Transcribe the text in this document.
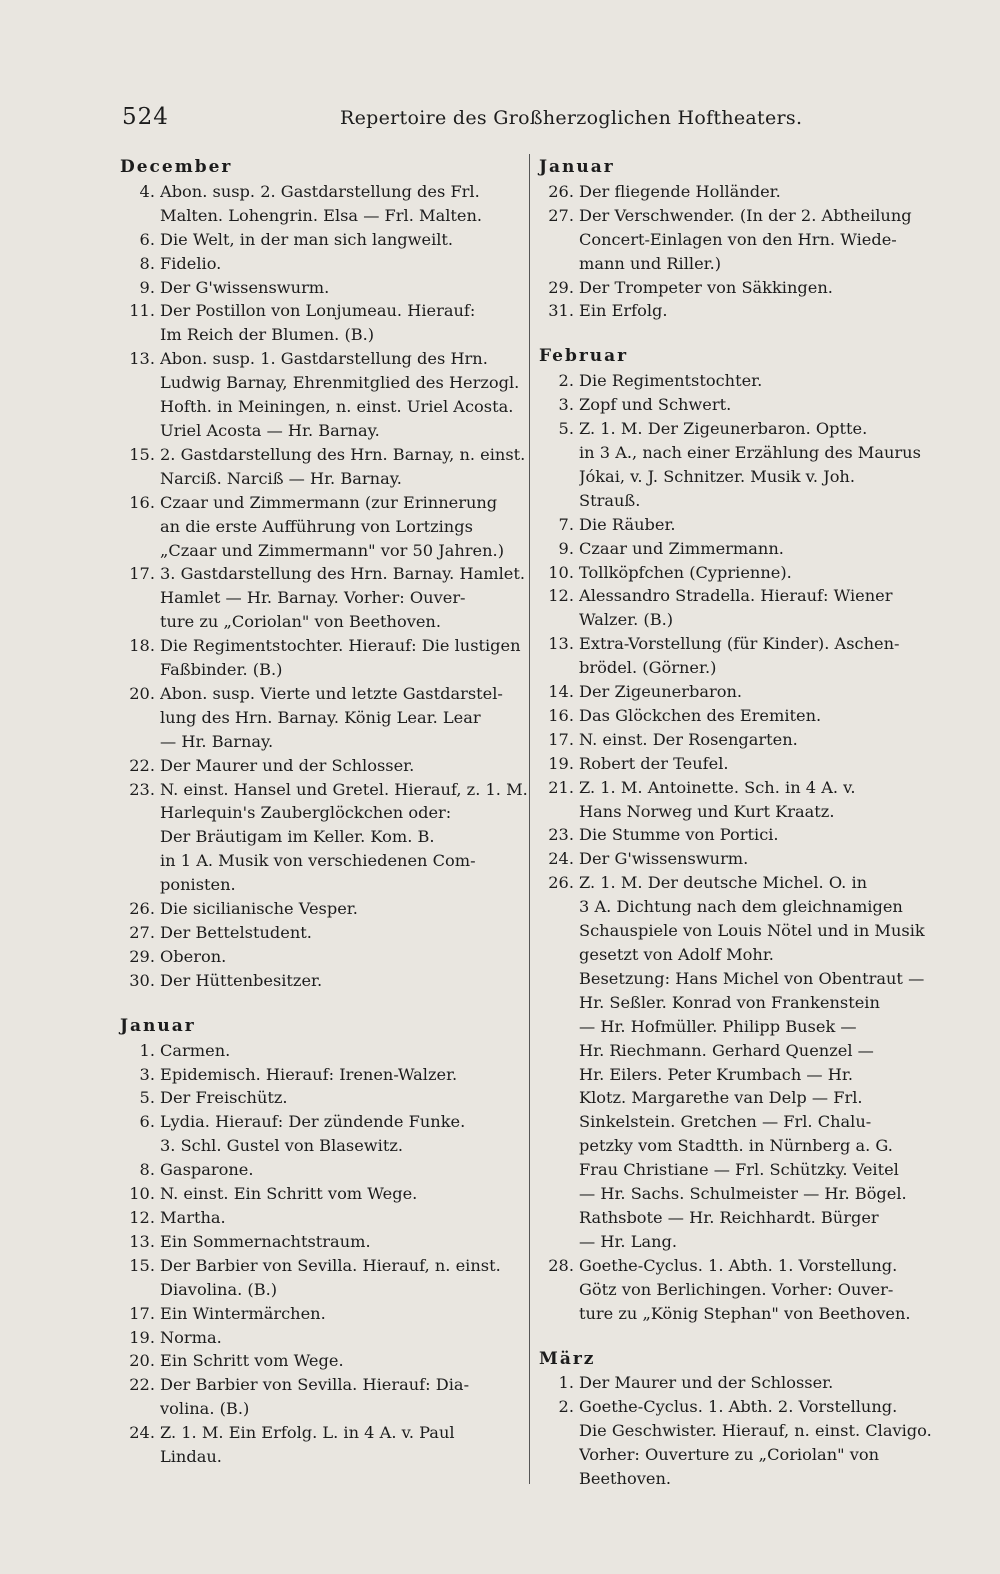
524	Repertoire des Großherzoglichen Hoftheaters.
December
4. Abon. susp. 2. Gastdarstellung des Frl.
Malten. Lohengrin. Elsa — Frl. Malten.
6. Die Welt, in der man sich langweilt.
8. Fidelio.
9. Der G'wissenswurm.
11. Der Postillon von Lonjumeau. Hierauf:
Im Reich der Blumen. (B.)
13. Abon. susp. 1. Gastdarstellung des Hrn.
Ludwig Barnay, Ehrenmitglied des Herzogl.
Hofth. in Meiningen, n. einst. Uriel Acosta.
Uriel Acosta — Hr. Barnay.
15. 2. Gastdarstellung des Hrn. Barnay, n. einst.
Narciß. Narciß — Hr. Barnay.
16. Czaar und Zimmermann (zur Erinnerung
an die erste Aufführung von Lortzings
„Czaar und Zimmermann" vor 50 Jahren.)
17. 3. Gastdarstellung des Hrn. Barnay. Hamlet.
Hamlet — Hr. Barnay. Vorher: Ouver-
ture zu „Coriolan" von Beethoven.
18. Die Regimentstochter. Hierauf: Die lustigen
Faßbinder. (B.)
20. Abon. susp. Vierte und letzte Gastdarstel-
lung des Hrn. Barnay. König Lear. Lear
— Hr. Barnay.
22. Der Maurer und der Schlosser.
23. N. einst. Hansel und Gretel. Hierauf, z. 1. M.
Harlequin's Zauberglöckchen oder:
Der Bräutigam im Keller. Kom. B.
in 1 A. Musik von verschiedenen Com-
ponisten.
26. Die sicilianische Vesper.
27. Der Bettelstudent.
29. Oberon.
30. Der Hüttenbesitzer.
Januar
1. Carmen.
3. Epidemisch. Hierauf: Irenen-Walzer.
5. Der Freischütz.
6. Lydia. Hierauf: Der zündende Funke.
3. Schl. Gustel von Blasewitz.
8. Gasparone.
10. N. einst. Ein Schritt vom Wege.
12. Martha.
13. Ein Sommernachtstraum.
15. Der Barbier von Sevilla. Hierauf, n. einst.
Diavolina. (B.)
17. Ein Wintermärchen.
19. Norma.
20. Ein Schritt vom Wege.
22. Der Barbier von Sevilla. Hierauf: Dia-
volina. (B.)
24. Z. 1. M. Ein Erfolg. L. in 4 A. v. Paul
Lindau.
Januar
26. Der fliegende Holländer.
27. Der Verschwender. (In der 2. Abtheilung
Concert-Einlagen von den Hrn. Wiede-
mann und Riller.)
29. Der Trompeter von Säkkingen.
31. Ein Erfolg.
Februar
2. Die Regimentstochter.
3. Zopf und Schwert.
5. Z. 1. M. Der Zigeunerbaron. Optte.
in 3 A., nach einer Erzählung des Maurus
Jókai, v. J. Schnitzer. Musik v. Joh.
Strauß.
7. Die Räuber.
9. Czaar und Zimmermann.
10. Tollköpfchen (Cyprienne).
12. Alessandro Stradella. Hierauf: Wiener
Walzer. (B.)
13. Extra-Vorstellung (für Kinder). Aschen-
brödel. (Görner.)
14. Der Zigeunerbaron.
16. Das Glöckchen des Eremiten.
17. N. einst. Der Rosengarten.
19. Robert der Teufel.
21. Z. 1. M. Antoinette. Sch. in 4 A. v.
Hans Norweg und Kurt Kraatz.
23. Die Stumme von Portici.
24. Der G'wissenswurm.
26. Z. 1. M. Der deutsche Michel. O. in
3 A. Dichtung nach dem gleichnamigen
Schauspiele von Louis Nötel und in Musik
gesetzt von Adolf Mohr.
Besetzung: Hans Michel von Obentraut —
Hr. Seßler. Konrad von Frankenstein
— Hr. Hofmüller. Philipp Busek —
Hr. Riechmann. Gerhard Quenzel —
Hr. Eilers. Peter Krumbach — Hr.
Klotz. Margarethe van Delp — Frl.
Sinkelstein. Gretchen — Frl. Chalu-
petzky vom Stadtth. in Nürnberg a. G.
Frau Christiane — Frl. Schützky. Veitel
— Hr. Sachs. Schulmeister — Hr. Bögel.
Rathsbote — Hr. Reichhardt. Bürger
— Hr. Lang.
28. Goethe-Cyclus. 1. Abth. 1. Vorstellung.
Götz von Berlichingen. Vorher: Ouver-
ture zu „König Stephan" von Beethoven.
März
1. Der Maurer und der Schlosser.
2. Goethe-Cyclus. 1. Abth. 2. Vorstellung.
Die Geschwister. Hierauf, n. einst. Clavigo.
Vorher: Ouverture zu „Coriolan" von
Beethoven.
